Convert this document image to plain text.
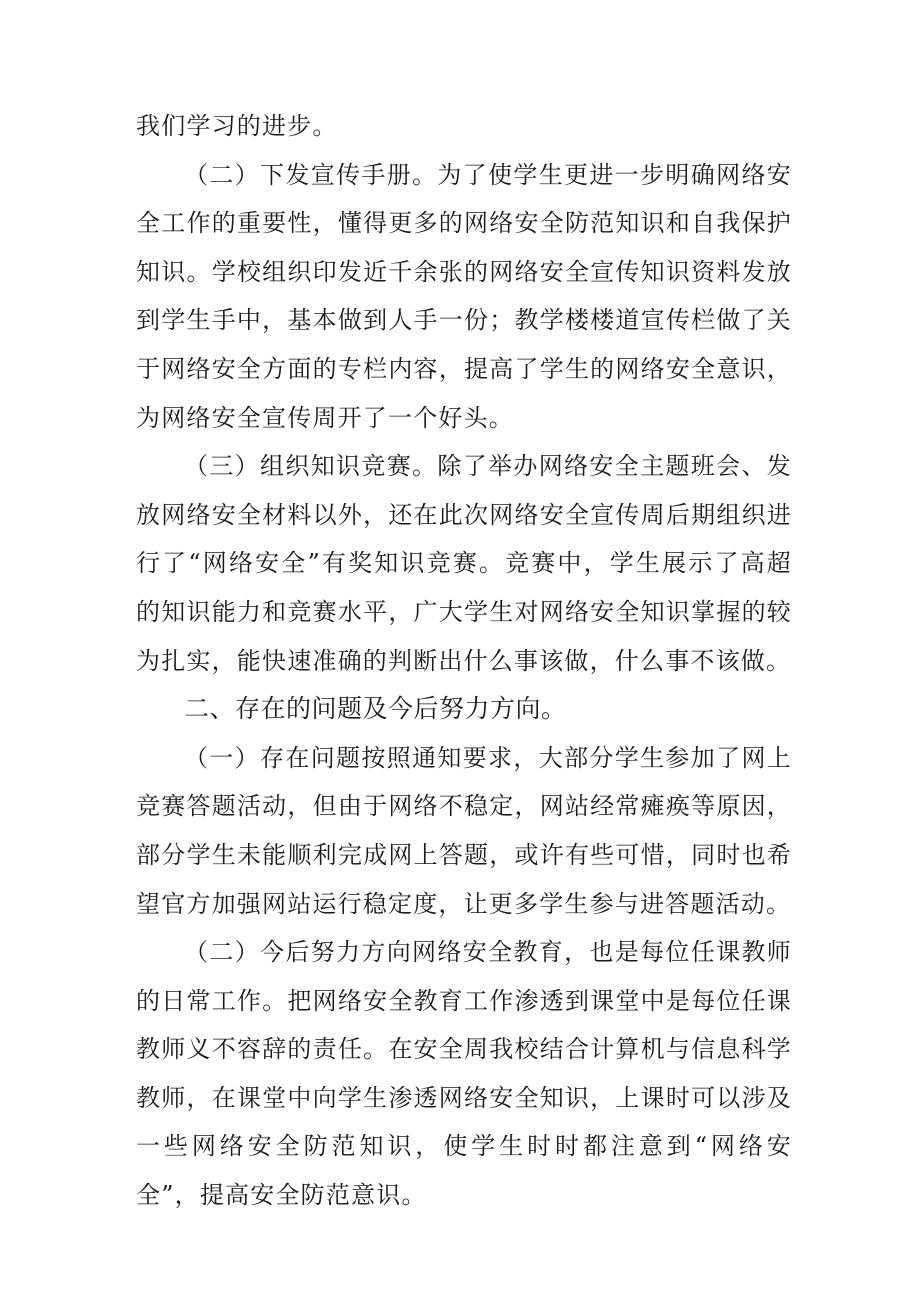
我们学习的进步。

（二）下发宣传手册。为了使学生更进一步明确网络安全工作的重要性，懂得更多的网络安全防范知识和自我保护知识。学校组织印发近千余张的网络安全宣传知识资料发放到学生手中，基本做到人手一份；教学楼楼道宣传栏做了关于网络安全方面的专栏内容，提高了学生的网络安全意识，为网络安全宣传周开了一个好头。

（三）组织知识竞赛。除了举办网络安全主题班会、发放网络安全材料以外，还在此次网络安全宣传周后期组织进行了“网络安全”有奖知识竞赛。竞赛中，学生展示了高超的知识能力和竞赛水平，广大学生对网络安全知识掌握的较为扎实，能快速准确的判断出什么事该做，什么事不该做。

二、存在的问题及今后努力方向。

（一）存在问题按照通知要求，大部分学生参加了网上竞赛答题活动，但由于网络不稳定，网站经常瘫痪等原因，部分学生未能顺利完成网上答题，或许有些可惜，同时也希望官方加强网站运行稳定度，让更多学生参与进答题活动。

（二）今后努力方向网络安全教育，也是每位任课教师的日常工作。把网络安全教育工作渗透到课堂中是每位任课教师义不容辞的责任。在安全周我校结合计算机与信息科学教师，在课堂中向学生渗透网络安全知识，上课时可以涉及一些网络安全防范知识，使学生时时都注意到“网络安全”，提高安全防范意识。
